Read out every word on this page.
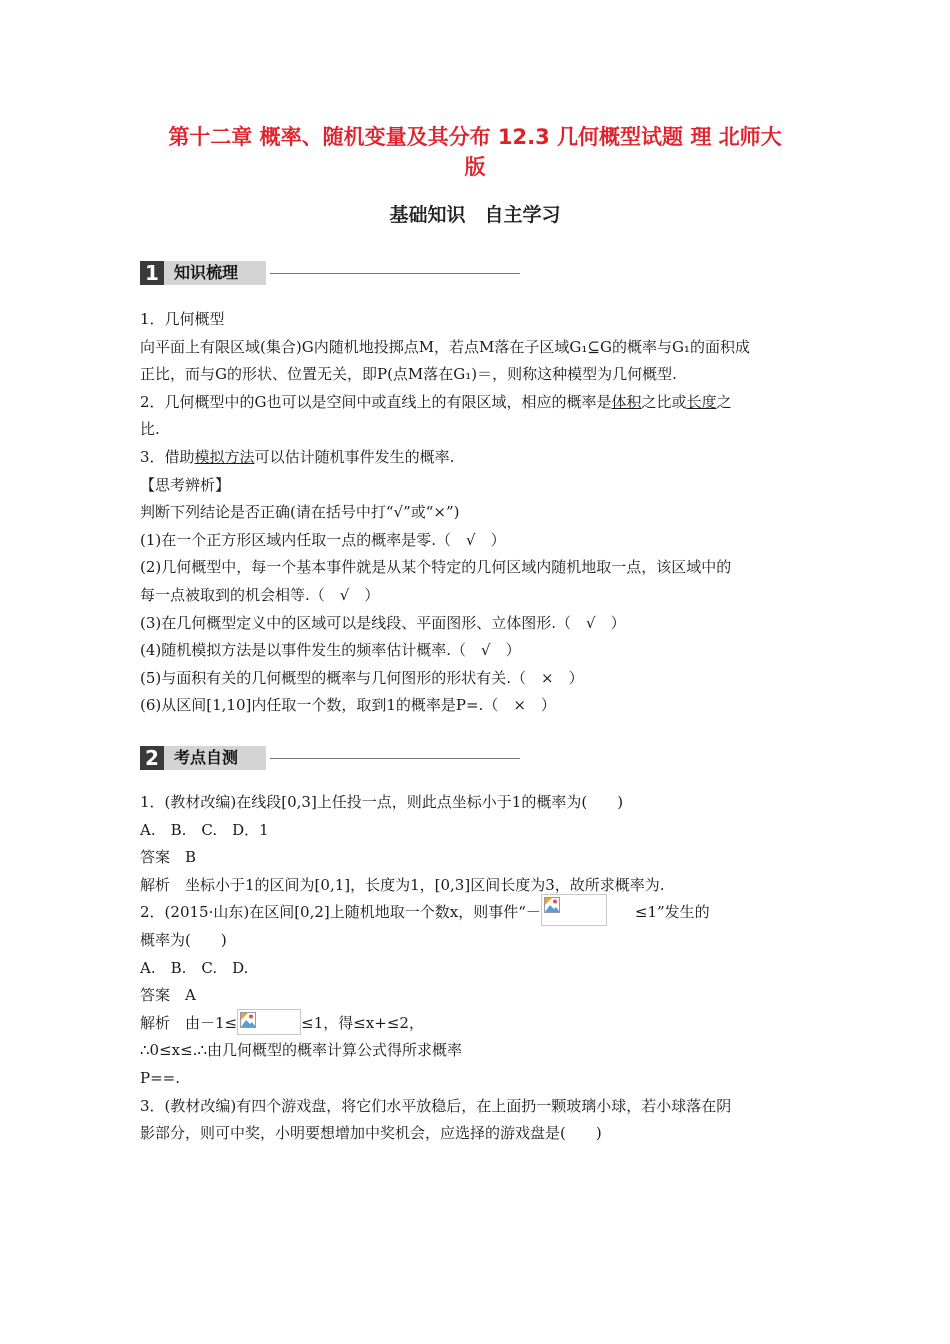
第十二章 概率、随机变量及其分布 12.3 几何概型试题 理 北师大
版
基础知识　自主学习
1 知识梳理

1．几何概型

向平面上有限区域(集合)G内随机地投掷点M，若点M落在子区域G₁⊆G的概率与G₁的面积成

正比，而与G的形状、位置无关，即P(点M落在G₁)＝，则称这种模型为几何概型.

2．几何概型中的G也可以是空间中或直线上的有限区域，相应的概率是体积之比或长度之

比.

3．借助模拟方法可以估计随机事件发生的概率.

【思考辨析】

判断下列结论是否正确(请在括号中打“√”或“×”)

(1)在一个正方形区域内任取一点的概率是零.（　√　）

(2)几何概型中，每一个基本事件就是从某个特定的几何区域内随机地取一点，该区域中的

每一点被取到的机会相等.（　√　）

(3)在几何概型定义中的区域可以是线段、平面图形、立体图形.（　√　）

(4)随机模拟方法是以事件发生的频率估计概率.（　√　）

(5)与面积有关的几何概型的概率与几何图形的形状有关.（　×　）

(6)从区间[1,10]内任取一个数，取到1的概率是P=.（　×　）

2 考点自测

1．(教材改编)在线段[0,3]上任投一点，则此点坐标小于1的概率为(　　)

A.　B.　C.　D．1

答案　B

解析　坐标小于1的区间为[0,1]，长度为1，[0,3]区间长度为3，故所求概率为.

2．(2015·山东)在区间[0,2]上随机地取一个数x，则事件“－	≤1”发生的

概率为(　　)

A.　B.　C.　D.

答案　A

解析　由－1≤	≤1，得≤x+≤2，

∴0≤x≤.∴由几何概型的概率计算公式得所求概率

P==.

3．(教材改编)有四个游戏盘，将它们水平放稳后，在上面扔一颗玻璃小球，若小球落在阴

影部分，则可中奖，小明要想增加中奖机会，应选择的游戏盘是(　　)
